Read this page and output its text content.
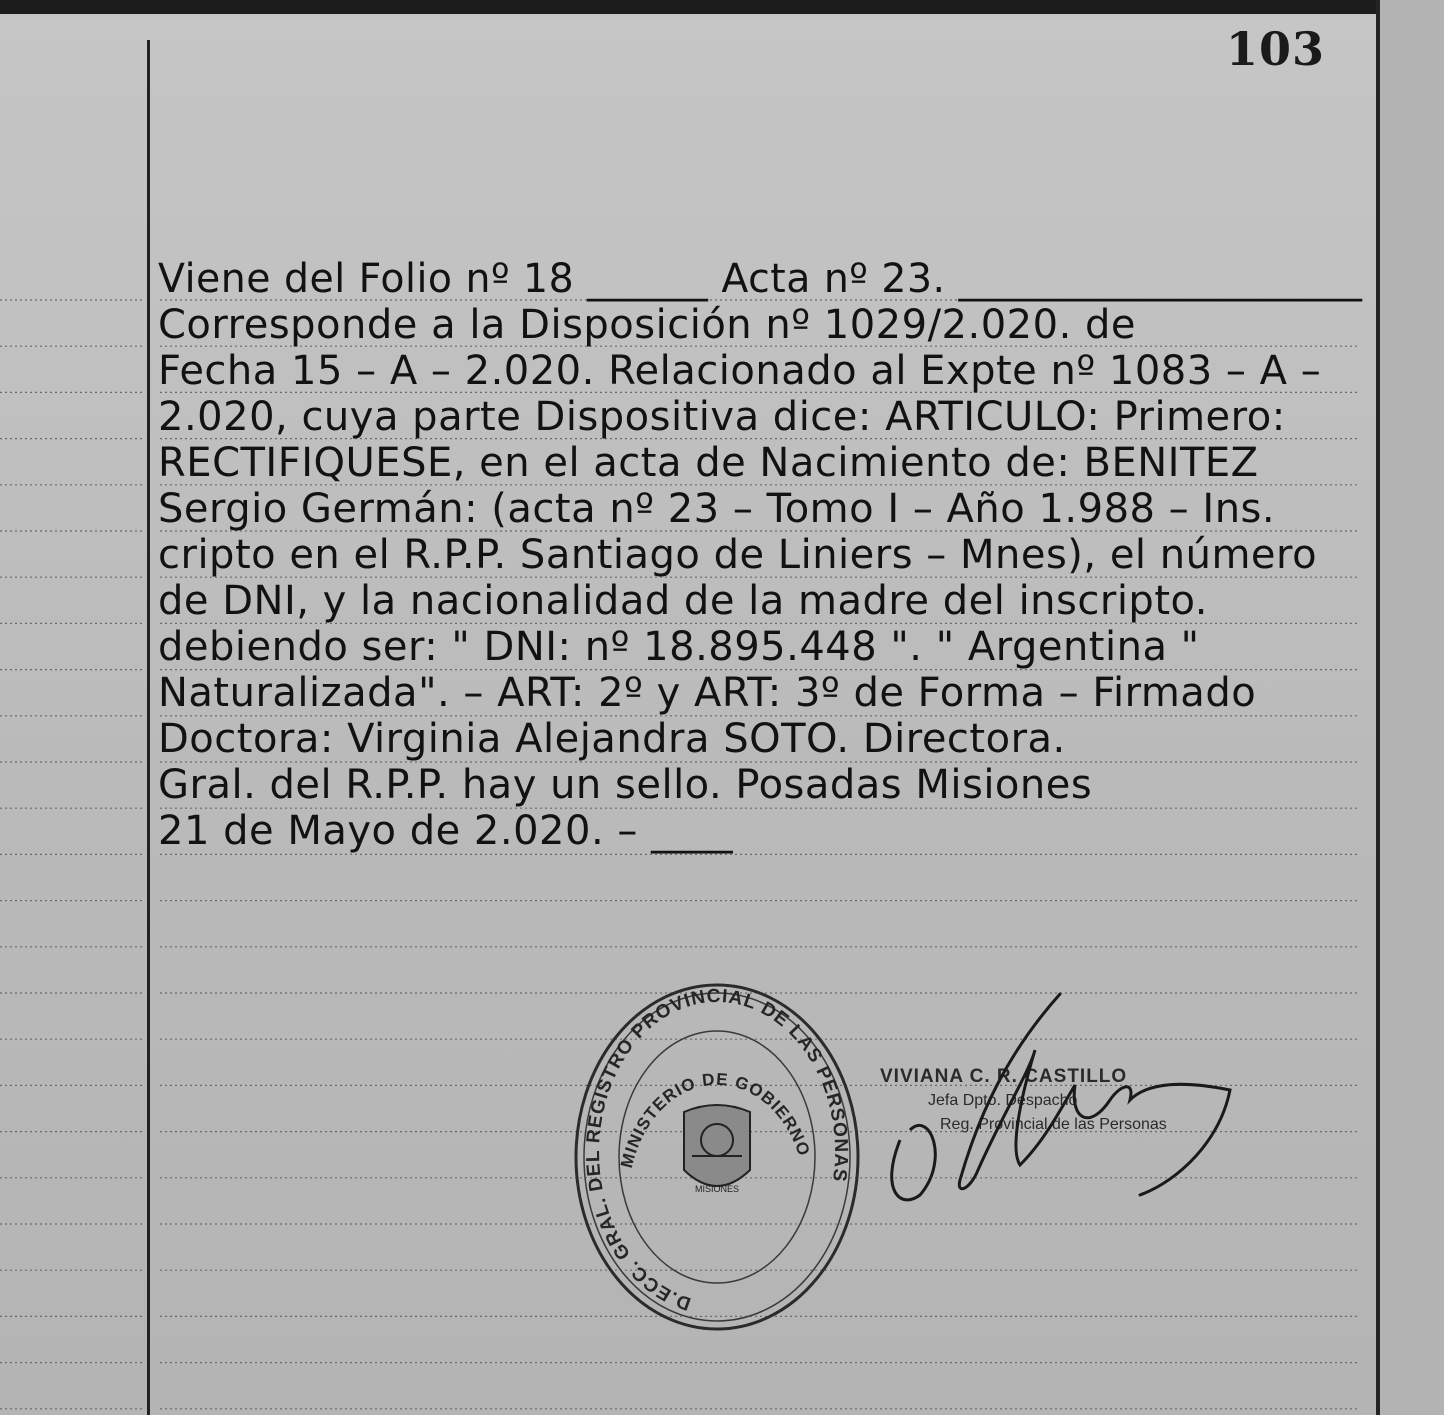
103
Viene del Folio nº 18 ______ Acta nº 23. ____________________
Corresponde a la Disposición nº 1029/2.020. de
Fecha 15 – A – 2.020. Relacionado al Expte nº 1083 – A –
2.020, cuya parte Dispositiva dice: ARTICULO: Primero:
RECTIFIQUESE, en el acta de Nacimiento de: BENITEZ
Sergio Germán: (acta nº 23 – Tomo I – Año 1.988 – Ins.
cripto en el R.P.P. Santiago de Liniers – Mnes), el número
de DNI, y la nacionalidad de la madre del inscripto.
debiendo ser: " DNI: nº 18.895.448 ". " Argentina "
Naturalizada". – ART: 2º y ART: 3º de Forma – Firmado
Doctora: Virginia Alejandra SOTO. Directora.
Gral. del R.P.P. hay un sello. Posadas Misiones
21 de Mayo de 2.020. – ____
D.ECC. GRAL. DEL REGISTRO PROVINCIAL DE LAS PERSONAS
MINISTERIO DE GOBIERNO
MISIONES
VIVIANA C. R. CASTILLO
Jefa Dpto. Despacho
Reg. Provincial de las Personas
